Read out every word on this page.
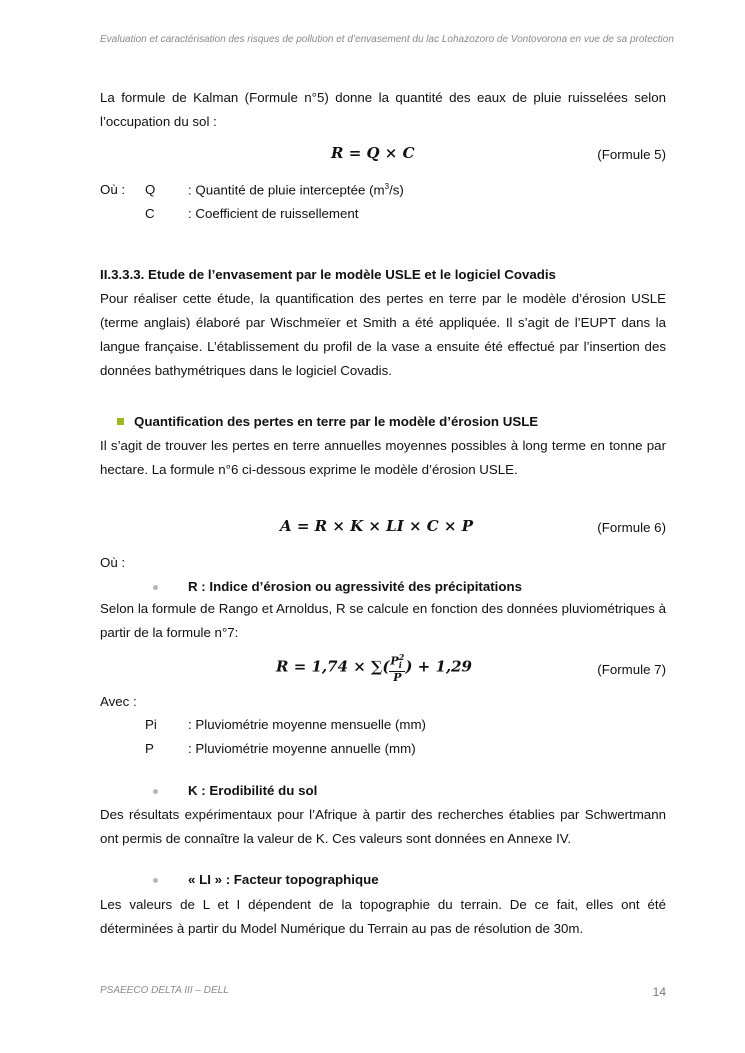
Evaluation et caractérisation des risques de pollution et d’envasement du lac Lohazozoro de Vontovorona en vue de sa protection

La formule de Kalman (Formule n°5) donne la quantité des eaux de pluie ruisselées selon l’occupation du sol :

R = Q × C	(Formule 5)
Où : Q : Quantité de pluie interceptée $(m^3/s)$
C	: Coefficient de ruissellement
II.3.3.3. Etude de l’envasement par le modèle USLE et le logiciel Covadis

Pour réaliser cette étude, la quantification des pertes en terre par le modèle d’érosion USLE (terme anglais) élaboré par Wischmeïer et Smith a été appliquée. Il s’agit de l’EUPT dans la langue française. L’établissement du profil de la vase a ensuite été effectué par l’insertion des données bathymétriques dans le logiciel Covadis.

Quantification des pertes en terre par le modèle d’érosion USLE

Il s’agit de trouver les pertes en terre annuelles moyennes possibles à long terme en tonne par hectare. La formule n°6 ci-dessous exprime le modèle d’érosion USLE.

A = R × K × LI × C × P	(Formule 6)
Où :
R : Indice d’érosion ou agressivité des précipitations

Selon la formule de Rango et Arnoldus, R se calcule en fonction des données pluviométriques à partir de la formule n°7:

R = 1,74 × ∑( $\frac{P_i^2}{P}$ ) + 1,29	(Formule 7)
Avec :
Pi : Pluviométrie moyenne mensuelle (mm)
P	: Pluviométrie moyenne annuelle (mm)
K : Erodibilité du sol

Des résultats expérimentaux pour l’Afrique à partir des recherches établies par Schwertmann ont permis de connaître la valeur de K. Ces valeurs sont données en Annexe IV.

« LI » : Facteur topographique

Les valeurs de L et I dépendent de la topographie du terrain. De ce fait, elles ont été déterminées à partir du Model Numérique du Terrain au pas de résolution de 30m.

PSAEECO DELTA III – DELL	14
